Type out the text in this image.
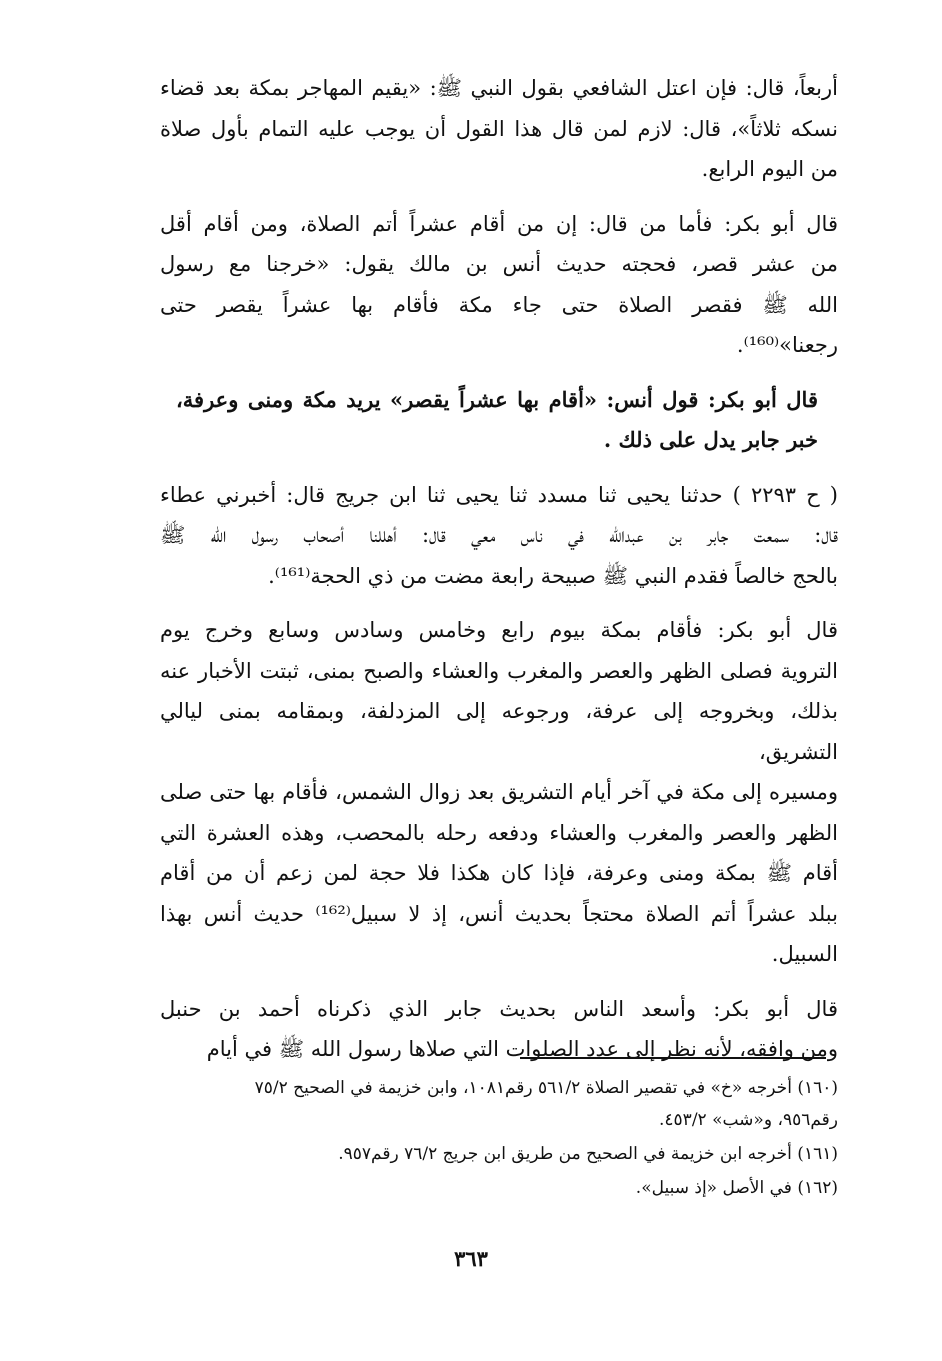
أربعاً، قال: فإن اعتل الشافعي بقول النبي ﷺ: «يقيم المهاجر بمكة بعد قضاء
نسكه ثلاثاً»، قال: لازم لمن قال هذا القول أن يوجب عليه التمام بأول صلاة
من اليوم الرابع.

قال أبو بكر: فأما من قال: إن من أقام عشراً أتم الصلاة، ومن أقام أقل
من عشر قصر، فحجته حديث أنس بن مالك يقول: «خرجنا مع رسول
الله ﷺ فقصر الصلاة حتى جاء مكة فأقام بها عشراً يقصر حتى
رجعنا»⁽¹⁶⁰⁾.

قال أبو بكر: قول أنس: «أقام بها عشراً يقصر» يريد مكة ومنى وعرفة،
خبر جابر يدل على ذلك .

( ح ٢٢٩٣ ) حدثنا يحيى ثنا مسدد ثنا يحيى ثنا ابن جريج قال: أخبرني عطاء
قال: سمعت جابر بن عبدالله في ناس معي قال: أهللنا أصحاب رسول الله ﷺ
بالحج خالصاً فقدم النبي ﷺ صبيحة رابعة مضت من ذي الحجة⁽¹⁶¹⁾.

قال أبو بكر: فأقام بمكة بيوم رابع وخامس وسادس وسابع وخرج يوم
التروية فصلى الظهر والعصر والمغرب والعشاء والصبح بمنى، ثبتت الأخبار عنه
بذلك، وبخروجه إلى عرفة، ورجوعه إلى المزدلفة، وبمقامه بمنى ليالي التشريق،
ومسيره إلى مكة في آخر أيام التشريق بعد زوال الشمس، فأقام بها حتى صلى
الظهر والعصر والمغرب والعشاء ودفعه رحله بالمحصب، وهذه العشرة التي
أقام ﷺ بمكة ومنى وعرفة، فإذا كان هكذا فلا حجة لمن زعم أن من أقام
ببلد عشراً أتم الصلاة محتجاً بحديث أنس، إذ لا سبيل⁽¹⁶²⁾ حديث أنس بهذا
السبيل.

قال أبو بكر: وأسعد الناس بحديث جابر الذي ذكرناه أحمد بن حنبل
ومن وافقه، لأنه نظر إلى عدد الصلوات التي صلاها رسول الله ﷺ في أيام

(١٦٠) أخرجه «خ» في تقصير الصلاة ٥٦١/٢ رقم١٠٨١، وابن خزيمة في الصحيح ٧٥/٢
رقم٩٥٦، و«شب» ٤٥٣/٢.
(١٦١) أخرجه ابن خزيمة في الصحيح من طريق ابن جريج ٧٦/٢ رقم٩٥٧.
(١٦٢) في الأصل «إذ سبيل».
٣٦٣
